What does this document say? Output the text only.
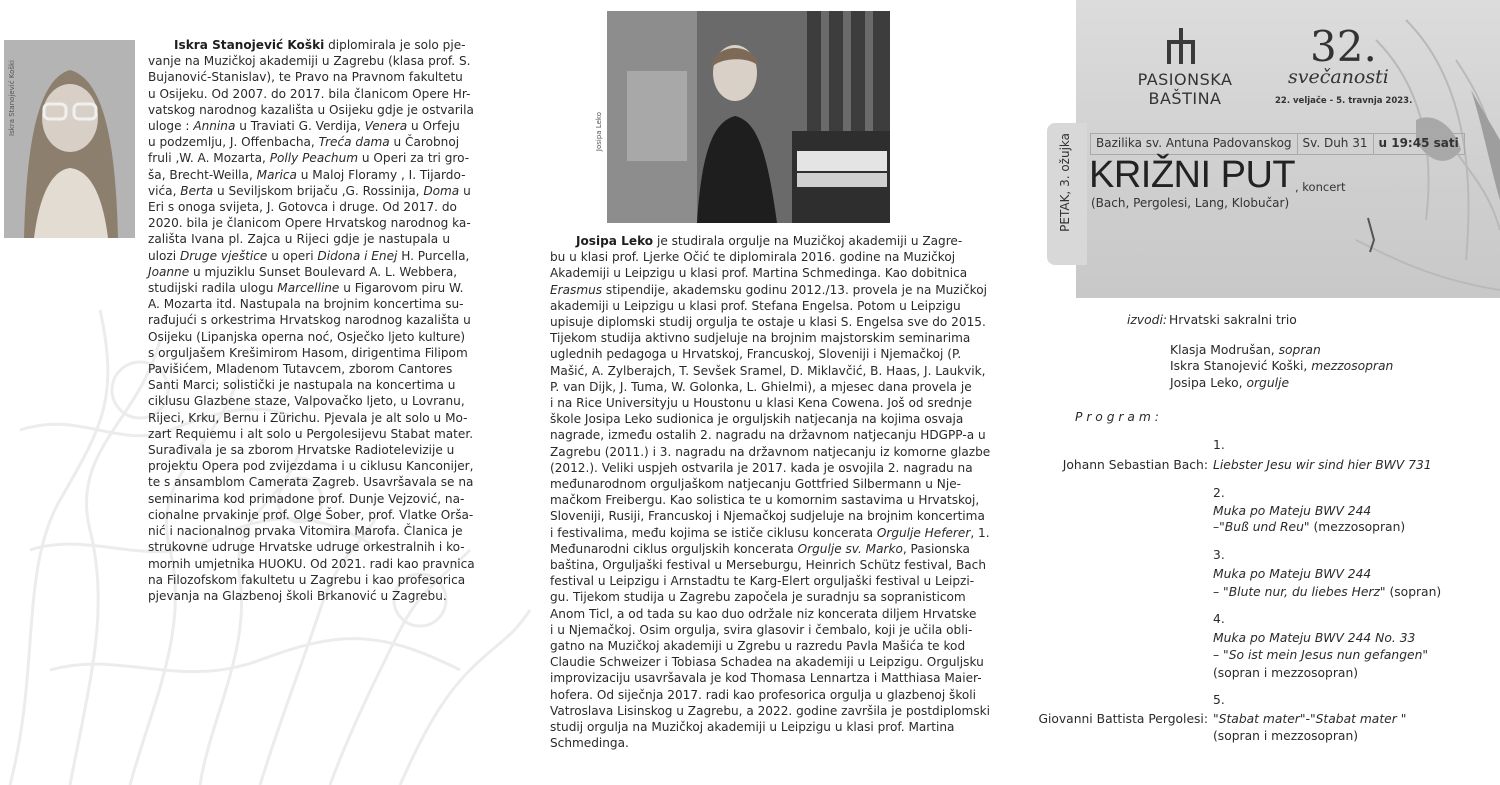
Iskra Stanojević Koški	Josipa Leko
Iskra Stanojević Koški diplomirala je solo pje-
vanje na Muzičkoj akademiji u Zagrebu (klasa prof. S.
Bujanović-Stanislav), te Pravo na Pravnom fakultetu
u Osijeku. Od 2007. do 2017. bila članicom Opere Hr-
vatskog narodnog kazališta u Osijeku gdje je ostvarila
uloge : Annina u Traviati G. Verdija, Venera u Orfeju
u podzemlju, J. Offenbacha, Treća dama u Čarobnoj
fruli ,W. A. Mozarta, Polly Peachum u Operi za tri gro-
ša, Brecht-Weilla, Marica u Maloj Floramy , I. Tijardo-
vića, Berta u Seviljskom brijaču ,G. Rossinija, Doma u
Eri s onoga svijeta, J. Gotovca i druge. Od 2017. do
2020. bila je članicom Opere Hrvatskog narodnog ka-
zališta Ivana pl. Zajca u Rijeci gdje je nastupala u
ulozi Druge vještice u operi Didona i Enej H. Purcella,
Joanne u mjuziklu Sunset Boulevard A. L. Webbera,
studijski radila ulogu Marcelline u Figarovom piru W.
A. Mozarta itd. Nastupala na brojnim koncertima su-
rađujući s orkestrima Hrvatskog narodnog kazališta u
Osijeku (Lipanjska operna noć, Osječko ljeto kulture)
s orguljašem Krešimirom Hasom, dirigentima Filipom
Pavišićem, Mladenom Tutavcem, zborom Cantores
Santi Marci; solistički je nastupala na koncertima u
ciklusu Glazbene staze, Valpovačko ljeto, u Lovranu,
Rijeci, Krku, Bernu i Zürichu. Pjevala je alt solo u Mo-
zart Requiemu i alt solo u Pergolesijevu Stabat mater.
Surađivala je sa zborom Hrvatske Radiotelevizije u
projektu Opera pod zvijezdama i u ciklusu Kanconijer,
te s ansamblom Camerata Zagreb. Usavršavala se na
seminarima kod primadone prof. Dunje Vejzović, na-
cionalne prvakinje prof. Olge Šober, prof. Vlatke Orša-
nić i nacionalnog prvaka Vitomira Marofa. Članica je
strukovne udruge Hrvatske udruge orkestralnih i ko-
mornih umjetnika HUOKU. Od 2021. radi kao pravnica
na Filozofskom fakultetu u Zagrebu i kao profesorica
pjevanja na Glazbenoj školi Brkanović u Zagrebu.
Josipa Leko je studirala orgulje na Muzičkoj akademiji u Zagre-
bu u klasi prof. Ljerke Očić te diplomirala 2016. godine na Muzičkoj
Akademiji u Leipzigu u klasi prof. Martina Schmedinga. Kao dobitnica
Erasmus stipendije, akademsku godinu 2012./13. provela je na Muzičkoj
akademiji u Leipzigu u klasi prof. Stefana Engelsa. Potom u Leipzigu
upisuje diplomski studij orgulja te ostaje u klasi S. Engelsa sve do 2015.
Tijekom studija aktivno sudjeluje na brojnim majstorskim seminarima
uglednih pedagoga u Hrvatskoj, Francuskoj, Sloveniji i Njemačkoj (P.
Mašić, A. Zylberajch, T. Sevšek Sramel, D. Miklavčić, B. Haas, J. Laukvik,
P. van Dijk, J. Tuma, W. Golonka, L. Ghielmi), a mjesec dana provela je
i na Rice Universityju u Houstonu u klasi Kena Cowena. Još od srednje
škole Josipa Leko sudionica je orguljskih natjecanja na kojima osvaja
nagrade, između ostalih 2. nagradu na državnom natjecanju HDGPP-a u
Zagrebu (2011.) i 3. nagradu na državnom natjecanju iz komorne glazbe
(2012.). Veliki uspjeh ostvarila je 2017. kada je osvojila 2. nagradu na
međunarodnom orguljaškom natjecanju Gottfried Silbermann u Nje-
mačkom Freibergu. Kao solistica te u komornim sastavima u Hrvatskoj,
Sloveniji, Rusiji, Francuskoj i Njemačkoj sudjeluje na brojnim koncertima
i festivalima, među kojima se ističe ciklusu koncerata Orgulje Heferer, 1.
Međunarodni ciklus orguljskih koncerata Orgulje sv. Marko, Pasionska
baština, Orguljaški festival u Merseburgu, Heinrich Schütz festival, Bach
festival u Leipzigu i Arnstadtu te Karg-Elert orguljaški festival u Leipzi-
gu. Tijekom studija u Zagrebu započela je suradnju sa sopranisticom
Anom Ticl, a od tada su kao duo održale niz koncerata diljem Hrvatske
i u Njemačkoj. Osim orgulja, svira glasovir i čembalo, koji je učila obli-
gatno na Muzičkoj akademiji u Zgrebu u razredu Pavla Mašića te kod
Claudie Schweizer i Tobiasa Schadea na akademiji u Leipzigu. Orguljsku
improvizaciju usavršavala je kod Thomasa Lennartza i Matthiasa Maier-
hofera. Od siječnja 2017. radi kao profesorica orgulja u glazbenoj školi
Vatroslava Lisinskog u Zagrebu, a 2022. godine završila je postdiplomski
studij orgulja na Muzičkoj akademiji u Leipzigu u klasi prof. Martina
Schmedinga.
PETAK, 3. ožujka
PASIONSKA
BAŠTINA
32.
svečanosti
22. veljače - 5. travnja 2023.
Bazilika sv. Antuna Padovanskog Sv. Duh 31 u 19:45 sati
KRIŽNI PUT , koncert
(Bach, Pergolesi, Lang, Klobučar)
izvodi: Hrvatski sakralni trio
Klasja Modrušan, sopran
Iskra Stanojević Koški, mezzosopran
Josipa Leko, orgulje
P r o g r a m :
1.
Johann Sebastian Bach: Liebster Jesu wir sind hier BWV 731
2.
Muka po Mateju BWV 244
–"Buß und Reu" (mezzosopran)
3.
Muka po Mateju BWV 244
– "Blute nur, du liebes Herz" (sopran)
4.
Muka po Mateju BWV 244 No. 33
– "So ist mein Jesus nun gefangen"
(sopran i mezzosopran)
5.
Giovanni Battista Pergolesi: "Stabat mater"-"Stabat mater "
(sopran i mezzosopran)
